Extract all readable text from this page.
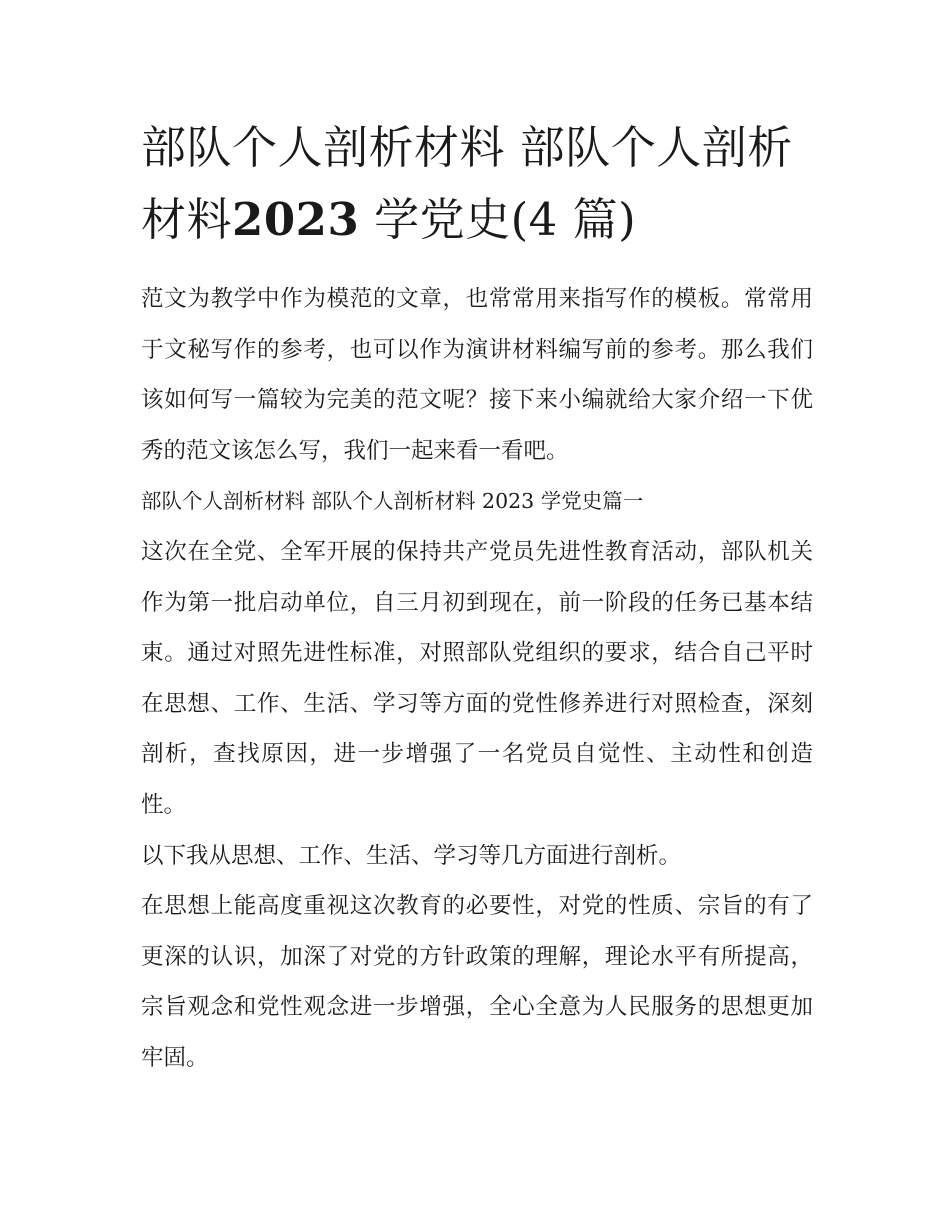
部队个人剖析材料 部队个人剖析材料2023 学党史(4 篇)

范文为教学中作为模范的文章，也常常用来指写作的模板。常常用于文秘写作的参考，也可以作为演讲材料编写前的参考。那么我们该如何写一篇较为完美的范文呢？接下来小编就给大家介绍一下优秀的范文该怎么写，我们一起来看一看吧。

部队个人剖析材料 部队个人剖析材料 2023 学党史篇一

这次在全党、全军开展的保持共产党员先进性教育活动，部队机关作为第一批启动单位，自三月初到现在，前一阶段的任务已基本结束。通过对照先进性标准，对照部队党组织的要求，结合自己平时在思想、工作、生活、学习等方面的党性修养进行对照检查，深刻剖析，查找原因，进一步增强了一名党员自觉性、主动性和创造性。

以下我从思想、工作、生活、学习等几方面进行剖析。

在思想上能高度重视这次教育的必要性，对党的性质、宗旨的有了更深的认识，加深了对党的方针政策的理解，理论水平有所提高，宗旨观念和党性观念进一步增强，全心全意为人民服务的思想更加牢固。
